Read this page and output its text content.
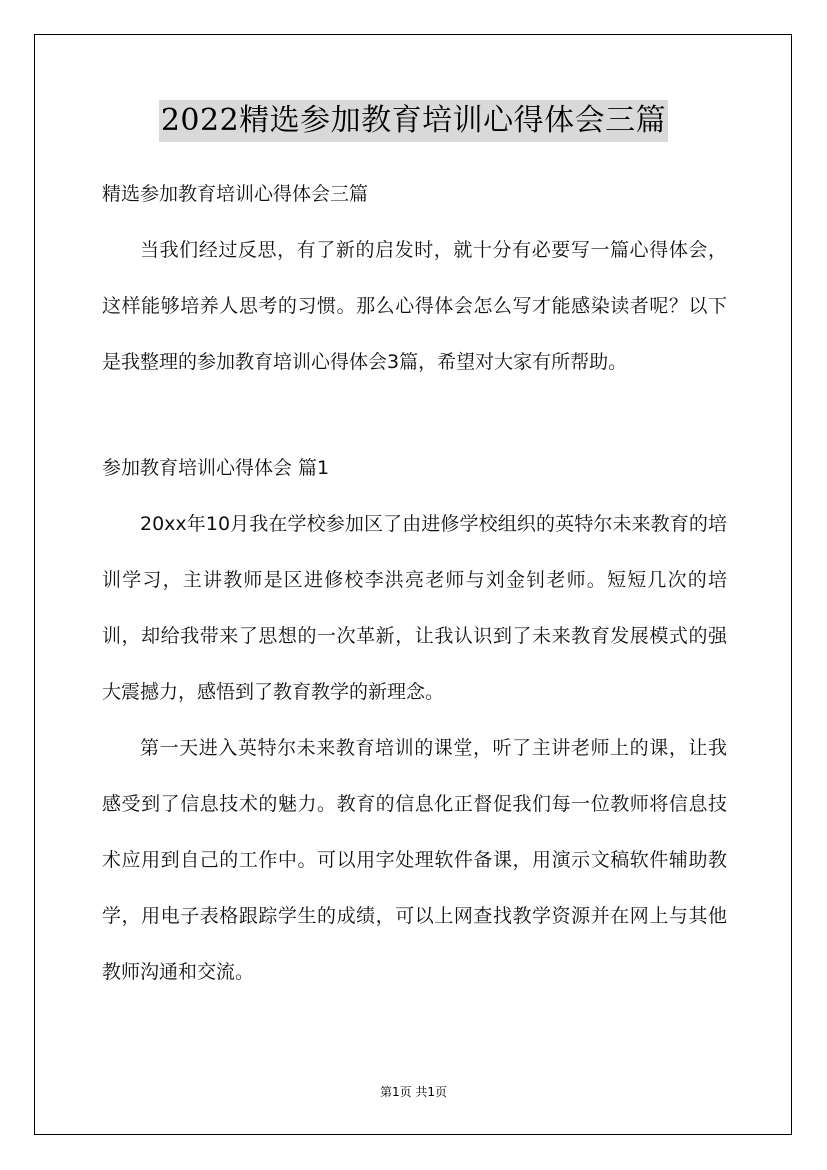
2022精选参加教育培训心得体会三篇

精选参加教育培训心得体会三篇

当我们经过反思，有了新的启发时，就十分有必要写一篇心得体会，这样能够培养人思考的习惯。那么心得体会怎么写才能感染读者呢？以下是我整理的参加教育培训心得体会3篇，希望对大家有所帮助。

参加教育培训心得体会 篇1

20xx年10月我在学校参加区了由进修学校组织的英特尔未来教育的培训学习，主讲教师是区进修校李洪亮老师与刘金钊老师。短短几次的培训，却给我带来了思想的一次革新，让我认识到了未来教育发展模式的强大震撼力，感悟到了教育教学的新理念。

第一天进入英特尔未来教育培训的课堂，听了主讲老师上的课，让我感受到了信息技术的魅力。教育的信息化正督促我们每一位教师将信息技术应用到自己的工作中。可以用字处理软件备课，用演示文稿软件辅助教学，用电子表格跟踪学生的成绩，可以上网查找教学资源并在网上与其他教师沟通和交流。

第1页 共1页
